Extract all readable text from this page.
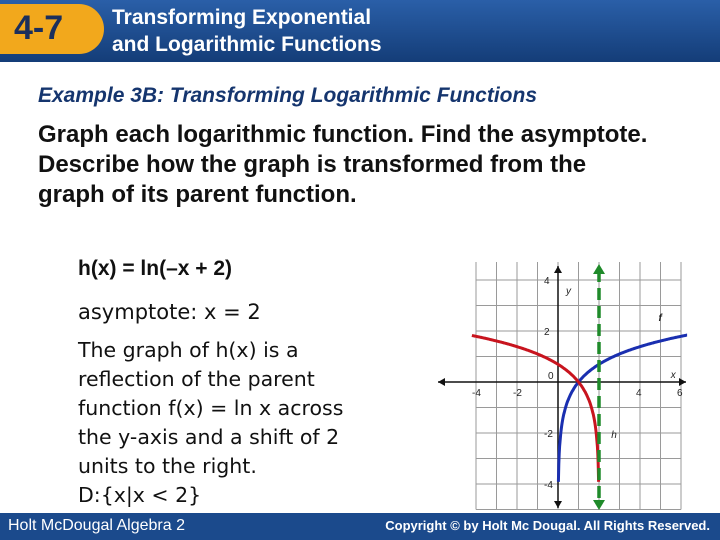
4-7 Transforming Exponential
and Logarithmic Functions
Example 3B: Transforming Logarithmic Functions
Graph each logarithmic function. Find the asymptote. Describe how the graph is transformed from the graph of its parent function.
h(x) = ln(–x + 2)
asymptote: x = 2
The graph of h(x) is a
reflection of the parent
function f(x) = ln x across
the y-axis and a shift of 2
units to the right.
D:{x|x < 2}
-4	-2
0
4	6
4
2
-2
-4
x
y
f
h
Holt McDougal Algebra 2	Copyright © by Holt Mc Dougal. All Rights Reserved.
